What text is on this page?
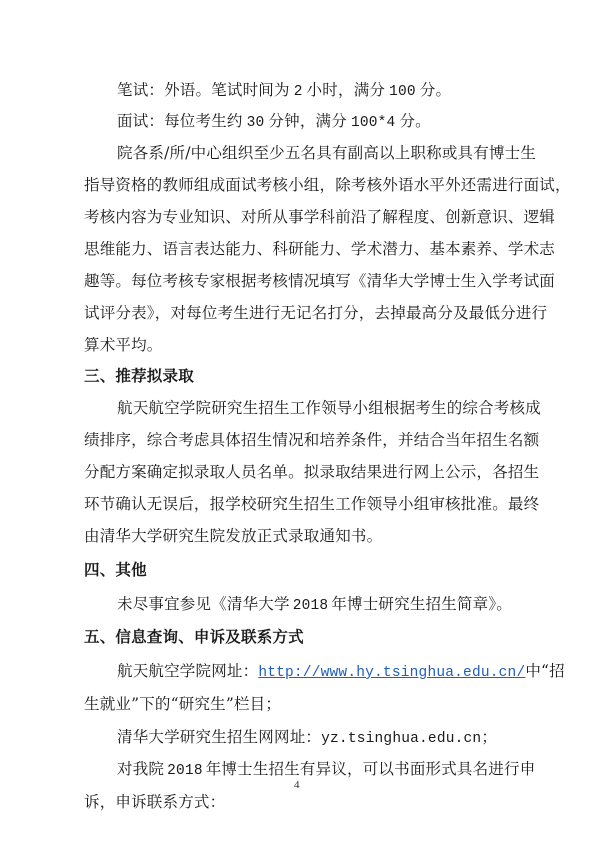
笔试：外语。笔试时间为 2 小时，满分 100 分。
面试：每位考生约 30 分钟，满分 100*4 分。
院各系/所/中心组织至少五名具有副高以上职称或具有博士生
指导资格的教师组成面试考核小组，除考核外语水平外还需进行面试，
考核内容为专业知识、对所从事学科前沿了解程度、创新意识、逻辑
思维能力、语言表达能力、科研能力、学术潜力、基本素养、学术志
趣等。每位考核专家根据考核情况填写《清华大学博士生入学考试面
试评分表》，对每位考生进行无记名打分，去掉最高分及最低分进行
算术平均。
三、推荐拟录取
航天航空学院研究生招生工作领导小组根据考生的综合考核成
绩排序，综合考虑具体招生情况和培养条件，并结合当年招生名额
分配方案确定拟录取人员名单。拟录取结果进行网上公示，各招生
环节确认无误后，报学校研究生招生工作领导小组审核批准。最终
由清华大学研究生院发放正式录取通知书。
四、其他
未尽事宜参见《清华大学 2018 年博士研究生招生简章》。
五、信息查询、申诉及联系方式
航天航空学院网址：http://www.hy.tsinghua.edu.cn/中“招
生就业”下的“研究生”栏目；
清华大学研究生招生网网址：yz.tsinghua.edu.cn；
对我院 2018 年博士生招生有异议，可以书面形式具名进行申
诉，申诉联系方式：
4
